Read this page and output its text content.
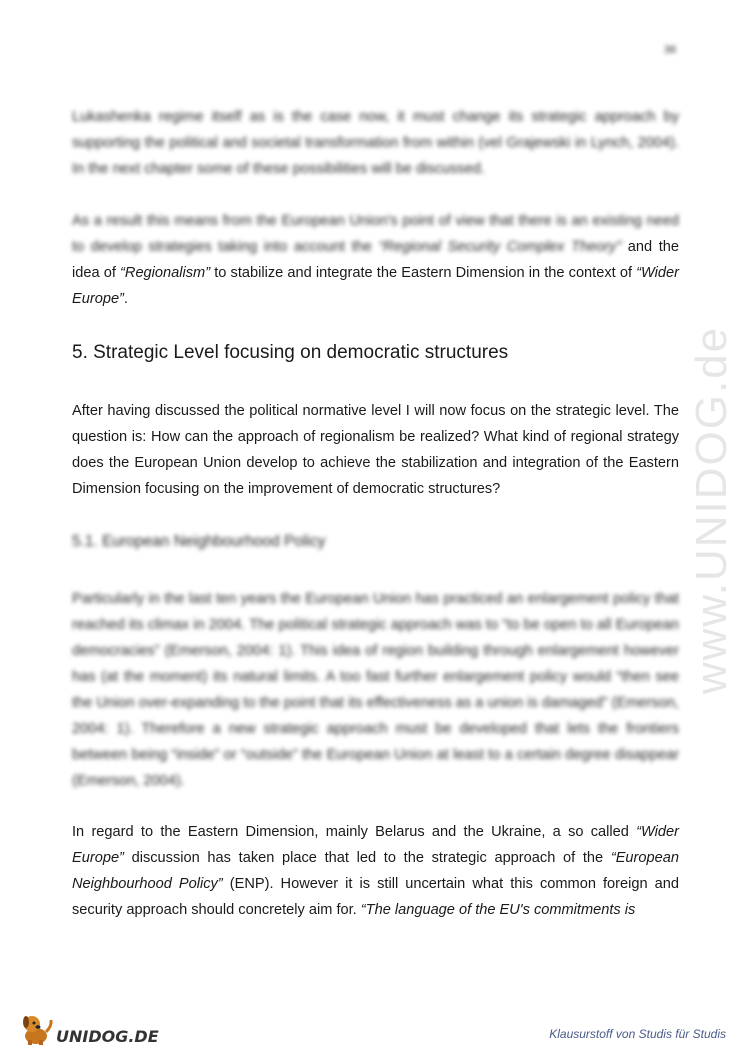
36

Lukashenka regime itself as is the case now, it must change its strategic approach by supporting the political and societal transformation from within (vel Grajewski in Lynch, 2004). In the next chapter some of these possibilities will be discussed.

As a result this means from the European Union's point of view that there is an existing need to develop strategies taking into account the “Regional Security Complex Theory” and the idea of “Regionalism” to stabilize and integrate the Eastern Dimension in the context of “Wider Europe”.

5. Strategic Level focusing on democratic structures

After having discussed the political normative level I will now focus on the strategic level. The question is: How can the approach of regionalism be realized? What kind of regional strategy does the European Union develop to achieve the stabilization and integration of the Eastern Dimension focusing on the improvement of democratic structures?

5.1. European Neighbourhood Policy

Particularly in the last ten years the European Union has practiced an enlargement policy that reached its climax in 2004. The political strategic approach was to “to be open to all European democracies” (Emerson, 2004: 1). This idea of region building through enlargement however has (at the moment) its natural limits. A too fast further enlargement policy would “then see the Union over-expanding to the point that its effectiveness as a union is damaged” (Emerson, 2004: 1). Therefore a new strategic approach must be developed that lets the frontiers between being “inside” or “outside” the European Union at least to a certain degree disappear (Emerson, 2004).

In regard to the Eastern Dimension, mainly Belarus and the Ukraine, a so called “Wider Europe” discussion has taken place that led to the strategic approach of the “European Neighbourhood Policy” (ENP). However it is still uncertain what this common foreign and security approach should concretely aim for. “The language of the EU's commitments is

www.UNIDOG.de
UNIDOG.DE	Klausurstoff von Studis für Studis
